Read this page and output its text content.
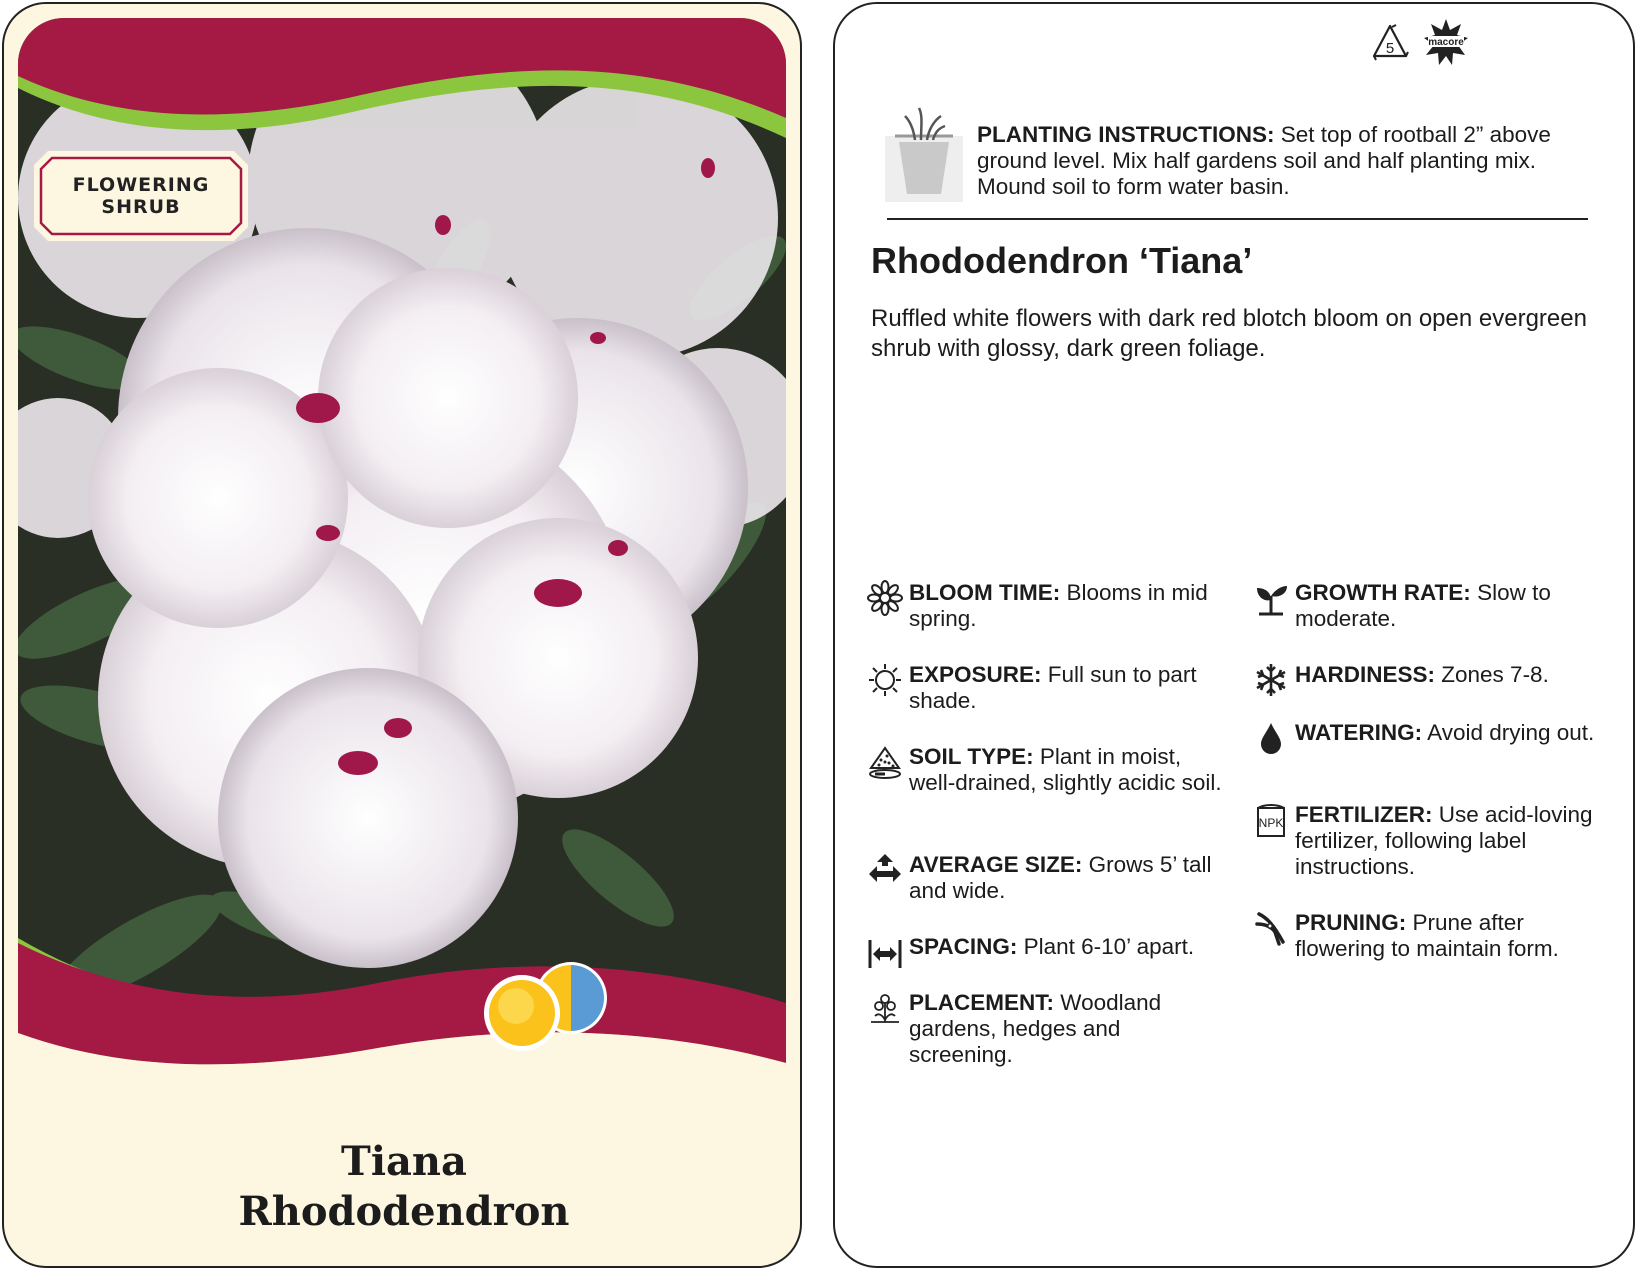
FLOWERING
SHRUB
Tiana
Rhododendron
5	macore
PLANTING INSTRUCTIONS: Set top of rootball 2” above ground level. Mix half gardens soil and half planting mix. Mound soil to form water basin.
Rhododendron ‘Tiana’
Ruffled white flowers with dark red blotch bloom on open evergreen shrub with glossy, dark green foliage.
BLOOM TIME: Blooms in mid spring.
EXPOSURE: Full sun to part shade.
SOIL TYPE: Plant in moist, well-drained, slightly acidic soil.
AVERAGE SIZE: Grows 5’ tall and wide.
SPACING: Plant 6-10’ apart.
PLACEMENT: Woodland gardens, hedges and screening.
GROWTH RATE: Slow to moderate.
HARDINESS: Zones 7-8.
WATERING: Avoid drying out.
NPK FERTILIZER: Use acid-loving fertilizer, following label instructions.
PRUNING: Prune after flowering to maintain form.
